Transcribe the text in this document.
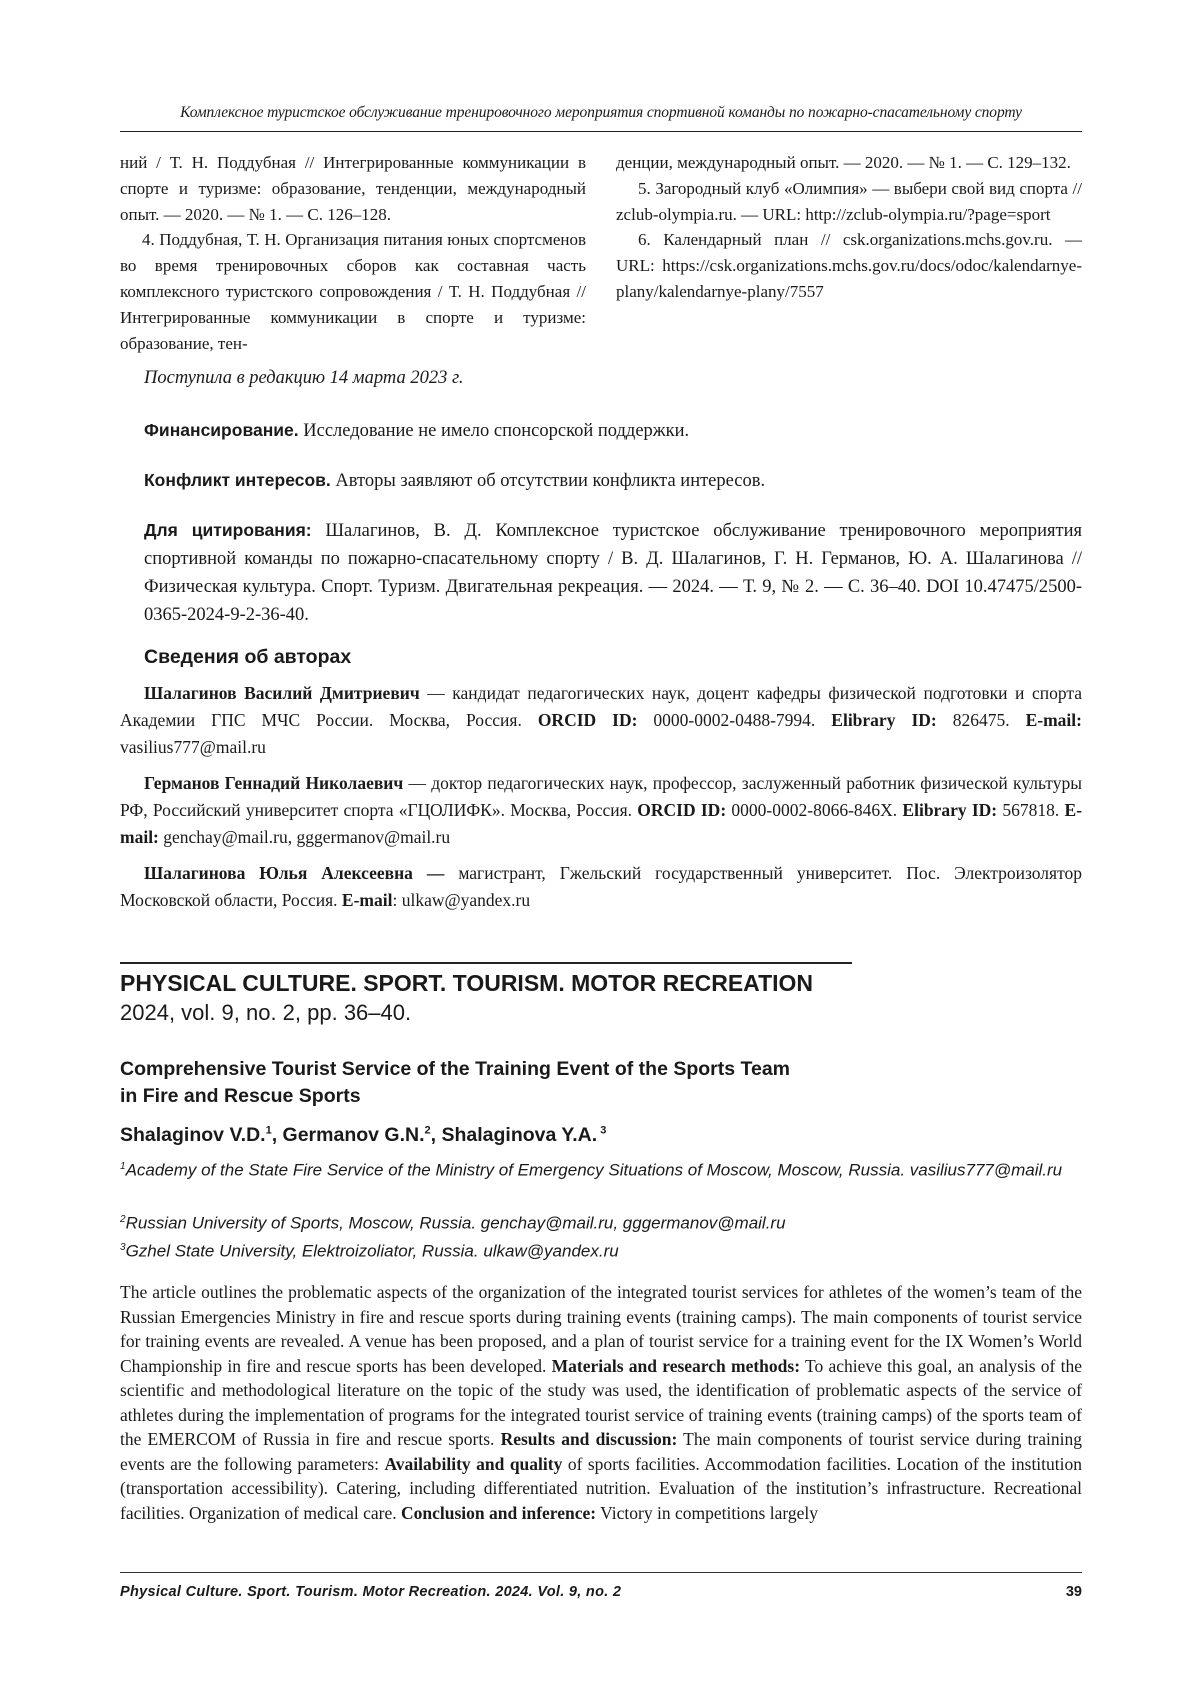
Комплексное туристское обслуживание тренировочного мероприятия спортивной команды по пожарно-спасательному спорту

ний / Т. Н. Поддубная // Интегрированные коммуникации в спорте и туризме: образование, тенденции, международный опыт. — 2020. — № 1. — С. 126–128.

4. Поддубная, Т. Н. Организация питания юных спортсменов во время тренировочных сборов как составная часть комплексного туристского сопровождения / Т. Н. Поддубная // Интегрированные коммуникации в спорте и туризме: образование, тен-

денции, международный опыт. — 2020. — № 1. — С. 129–132.

5. Загородный клуб «Олимпия» — выбери свой вид спорта // zclub-olympia.ru. — URL: http://zclub-olympia.ru/?page=sport

6. Календарный план // csk.organizations.mchs.gov.ru. — URL: https://csk.organizations.mchs.gov.ru/docs/odoc/kalendarnye-plany/kalendarnye-plany/7557

Поступила в редакцию 14 марта 2023 г.
Финансирование. Исследование не имело спонсорской поддержки.
Конфликт интересов. Авторы заявляют об отсутствии конфликта интересов.
Для цитирования: Шалагинов, В. Д. Комплексное туристское обслуживание тренировочного мероприятия спортивной команды по пожарно-спасательному спорту / В. Д. Шалагинов, Г. Н. Германов, Ю. А. Шалагинова // Физическая культура. Спорт. Туризм. Двигательная рекреация. — 2024. — Т. 9, № 2. — С. 36–40. DOI 10.47475/2500-0365-2024-9-2-36-40.
Сведения об авторах
Шалагинов Василий Дмитриевич — кандидат педагогических наук, доцент кафедры физической подготовки и спорта Академии ГПС МЧС России. Москва, Россия. ORCID ID: 0000-0002-0488-7994. Elibrary ID: 826475. E-mail: vasilius777@mail.ru
Германов Геннадий Николаевич — доктор педагогических наук, профессор, заслуженный работник физической культуры РФ, Российский университет спорта «ГЦОЛИФК». Москва, Россия. ORCID ID: 0000-0002-8066-846X. Elibrary ID: 567818. E-mail: genchay@mail.ru, gggermanov@mail.ru
Шалагинова Юлья Алексеевна — магистрант, Гжельский государственный университет. Пос. Электроизолятор Московской области, Россия. E-mail: ulkaw@yandex.ru
PHYSICAL CULTURE. SPORT. TOURISM. MOTOR RECREATION
2024, vol. 9, no. 2, pp. 36–40.
Comprehensive Tourist Service of the Training Event of the Sports Team
in Fire and Rescue Sports
Shalaginov V.D.$^1$, Germanov G.N.$^2$, Shalaginova Y.A. $^3$
$^1$Academy of the State Fire Service of the Ministry of Emergency Situations of Moscow, Moscow, Russia. vasilius777@mail.ru
$^2$Russian University of Sports, Moscow, Russia. genchay@mail.ru, gggermanov@mail.ru
$^3$Gzhel State University, Elektroizoliator, Russia. ulkaw@yandex.ru
The article outlines the problematic aspects of the organization of the integrated tourist services for athletes of the women’s team of the Russian Emergencies Ministry in fire and rescue sports during training events (training camps). The main components of tourist service for training events are revealed. A venue has been proposed, and a plan of tourist service for a training event for the IX Women’s World Championship in fire and rescue sports has been developed. Materials and research methods: To achieve this goal, an analysis of the scientific and methodological literature on the topic of the study was used, the identification of problematic aspects of the service of athletes during the implementation of programs for the integrated tourist service of training events (training camps) of the sports team of the EMERCOM of Russia in fire and rescue sports. Results and discussion: The main components of tourist service during training events are the following parameters: Availability and quality of sports facilities. Accommodation facilities. Location of the institution (transportation accessibility). Catering, including differentiated nutrition. Evaluation of the institution’s infrastructure. Recreational facilities. Organization of medical care. Conclusion and inference: Victory in competitions largely
Physical Culture. Sport. Tourism. Motor Recreation. 2024. Vol. 9, no. 2	39
